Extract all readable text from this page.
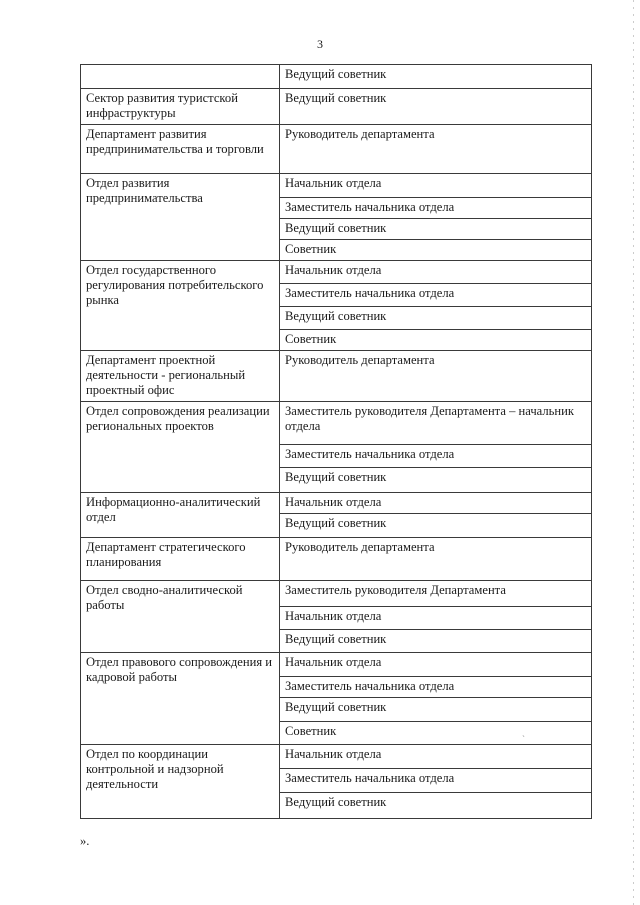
3
	Ведущий советник
Сектор развития туристской инфраструктуры	Ведущий советник
Департамент развития предпринимательства и торговли	Руководитель департамента
Отдел развития предпринимательства	Начальник отдела
	Заместитель начальника отдела
	Ведущий советник
	Советник
Отдел государственного регулирования потребительского рынка	Начальник отдела
	Заместитель начальника отдела
	Ведущий советник
	Советник
Департамент проектной деятельности - региональный проектный офис	Руководитель департамента
Отдел сопровождения реализации региональных проектов	Заместитель руководителя Департамента – начальник отдела
	Заместитель начальника отдела
	Ведущий советник
Информационно-аналитический отдел	Начальник отдела
	Ведущий советник
Департамент стратегического планирования	Руководитель департамента
Отдел сводно-аналитической работы	Заместитель руководителя Департамента
	Начальник отдела
	Ведущий советник
Отдел правового сопровождения и кадровой работы	Начальник отдела
	Заместитель начальника отдела
	Ведущий советник
	Советник
Отдел по координации контрольной и надзорной деятельности	Начальник отдела
	Заместитель начальника отдела
	Ведущий советник
».
ˏ
